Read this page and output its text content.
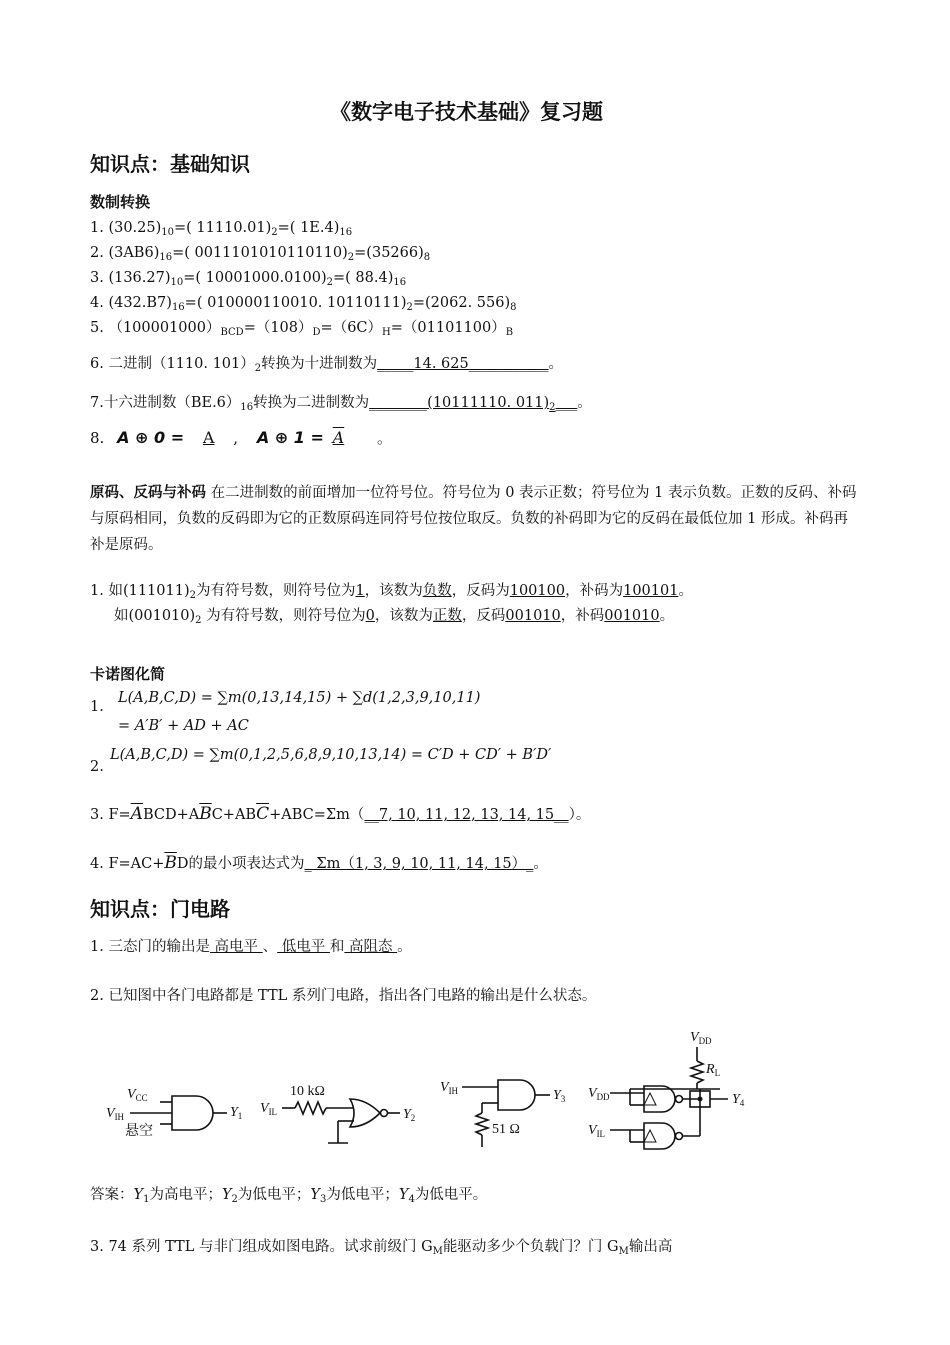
《数字电子技术基础》复习题
知识点：基础知识
数制转换
1. $(30.25)_{10}=$( $11110.01)_2=$( $1E.4)_{16}$
2. $(3AB6)_{16}=$( $0011101010110110)_2=(35266)_8$
3. $(136.27)_{10}=$( $10001000.0100)_2=$( $88.4)_{16}$
4. $(432.B7)_{16}=$( 010000110010. $10110111)_2=(2062$. $556)_8$
5. $(100001000)_{BCD}=(108)_D=(6C)_H=(01101100)_B$
6. 二进制（1110. $101)_2$转换为十进制数为_____14. 625___________。
7.十六进制数$(BE.6)_{16}$转换为二进制数为________(10111110. $011)_2\_\_\_$。
8. A ⊕ 0 = A , A ⊕ 1 = A 。
原码、反码与补码 在二进制数的前面增加一位符号位。符号位为 0 表示正数；符号位为 1 表示负数。正数的反码、补码与原码相同，负数的反码即为它的正数原码连同符号位按位取反。负数的补码即为它的反码在最低位加 1 形成。补码再补是原码。
1. 如$(111011)_2$为有符号数，则符号位为1，该数为负数，反码为100100，补码为100101。
如$(001010)_2$ 为有符号数，则符号位为0，该数为正数，反码001010，补码001010。
卡诺图化简
1.
L(A,B,C,D) = ∑m(0,13,14,15) + ∑d(1,2,3,9,10,11)
= A′B′ + AD + AC
2.
L(A,B,C,D) = ∑m(0,1,2,5,6,8,9,10,13,14) = C′D + CD′ + B′D′
3. $F=\overline{A}BCD+A\overline{B}C+AB\overline{C}+ABC=\Sigma m(\_\_7$, 10, 11, 12, 13, 14, 15__）。
4. $F=AC+\overline{B}D$的最小项表达式为_ Σm（1, 3, 9, 10, 11, 14, 15）_。
知识点：门电路
1. 三态门的输出是 高电平 、 低电平 和 高阻态 。
2. 已知图中各门电路都是 TTL 系列门电路，指出各门电路的输出是什么状态。
$V_{CC}$
$V_{IH}$
悬空
$Y_1$
10 kΩ
$V_{IL}$	$Y_2$
$V_{IH}$
51 Ω
$Y_3$
$V_{DD}$
$R_L$
$V_{DD}$
$V_{IL}$
$Y_4$
答案：$Y_1$为高电平；$Y_2$为低电平；$Y_3$为低电平；$Y_4$为低电平。
3. 74 系列 TTL 与非门组成如图电路。试求前级门 $G_M$能驱动多少个负载门？门 $G_M$输出高
